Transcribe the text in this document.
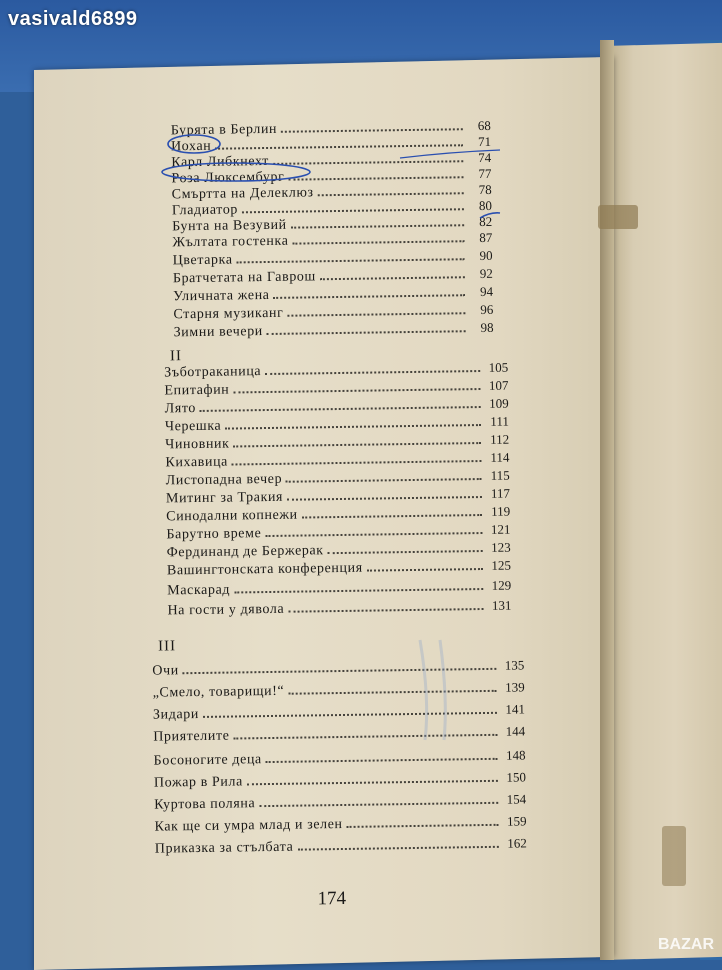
vasivald6899
Бурята в Берлин	68
Иохан	71
Карл Либкнехт	74
Роза Люксембург	77
Смъртта на Делеклюз	78
Гладиатор	80
Бунта на Везувий	82
Жълтата гостенка	87
Цветарка	90
Братчетата на Гаврош	92
Уличната жена	94
Старня музиканг	96
Зимни вечери	98
II
Зъботраканица	105
Епитафин	107
Лято	109
Черешка	111
Чиновник	112
Кихавица	114
Листопадна вечер	115
Митинг за Тракия	117
Синодални копнежи	119
Барутно време	121
Фердинанд де Бержерак	123
Вашингтонската конференция	125
Маскарад	129
На гости у дявола	131
III
Очи	135
„Смело, товарищи!“	139
Зидари	141
Приятелите	144
Босоногите деца	148
Пожар в Рила	150
Куртова поляна	154
Как ще си умра млад и зелен	159
Приказка за стълбата	162
174
BAZAR
